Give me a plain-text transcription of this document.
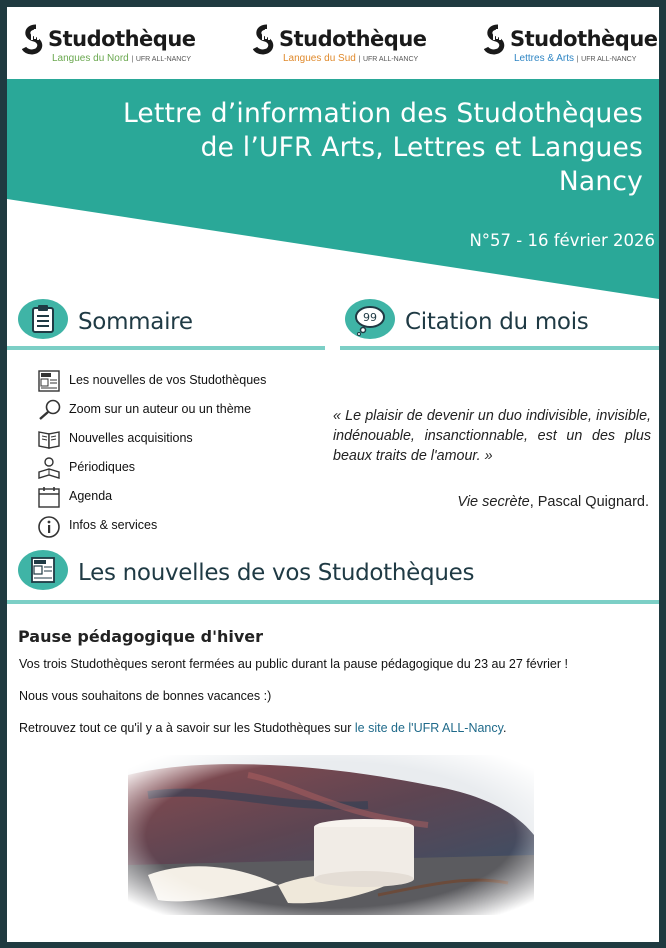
Studothèque
Langues du Nord | UFR ALL-NANCY
Studothèque
Langues du Sud | UFR ALL-NANCY
Studothèque
Lettres & Arts | UFR ALL-NANCY
Lettre d’information des Studothèques
de l’UFR Arts, Lettres et Langues
Nancy
N°57 - 16 février 2026
Sommaire	99 Citation du mois
Les nouvelles de vos Studothèques
Zoom sur un auteur ou un thème
Nouvelles acquisitions
Périodiques
Agenda
Infos & services
« Le plaisir de devenir un duo indivisible, invisible, indénouable, insanctionnable, est un des plus beaux traits de l'amour. »
Vie secrète, Pascal Quignard.
Les nouvelles de vos Studothèques
Pause pédagogique d'hiver
Vos trois Studothèques seront fermées au public durant la pause pédagogique du 23 au 27 février !
Nous vous souhaitons de bonnes vacances :)
Retrouvez tout ce qu'il y a à savoir sur les Studothèques sur le site de l'UFR ALL-Nancy.
